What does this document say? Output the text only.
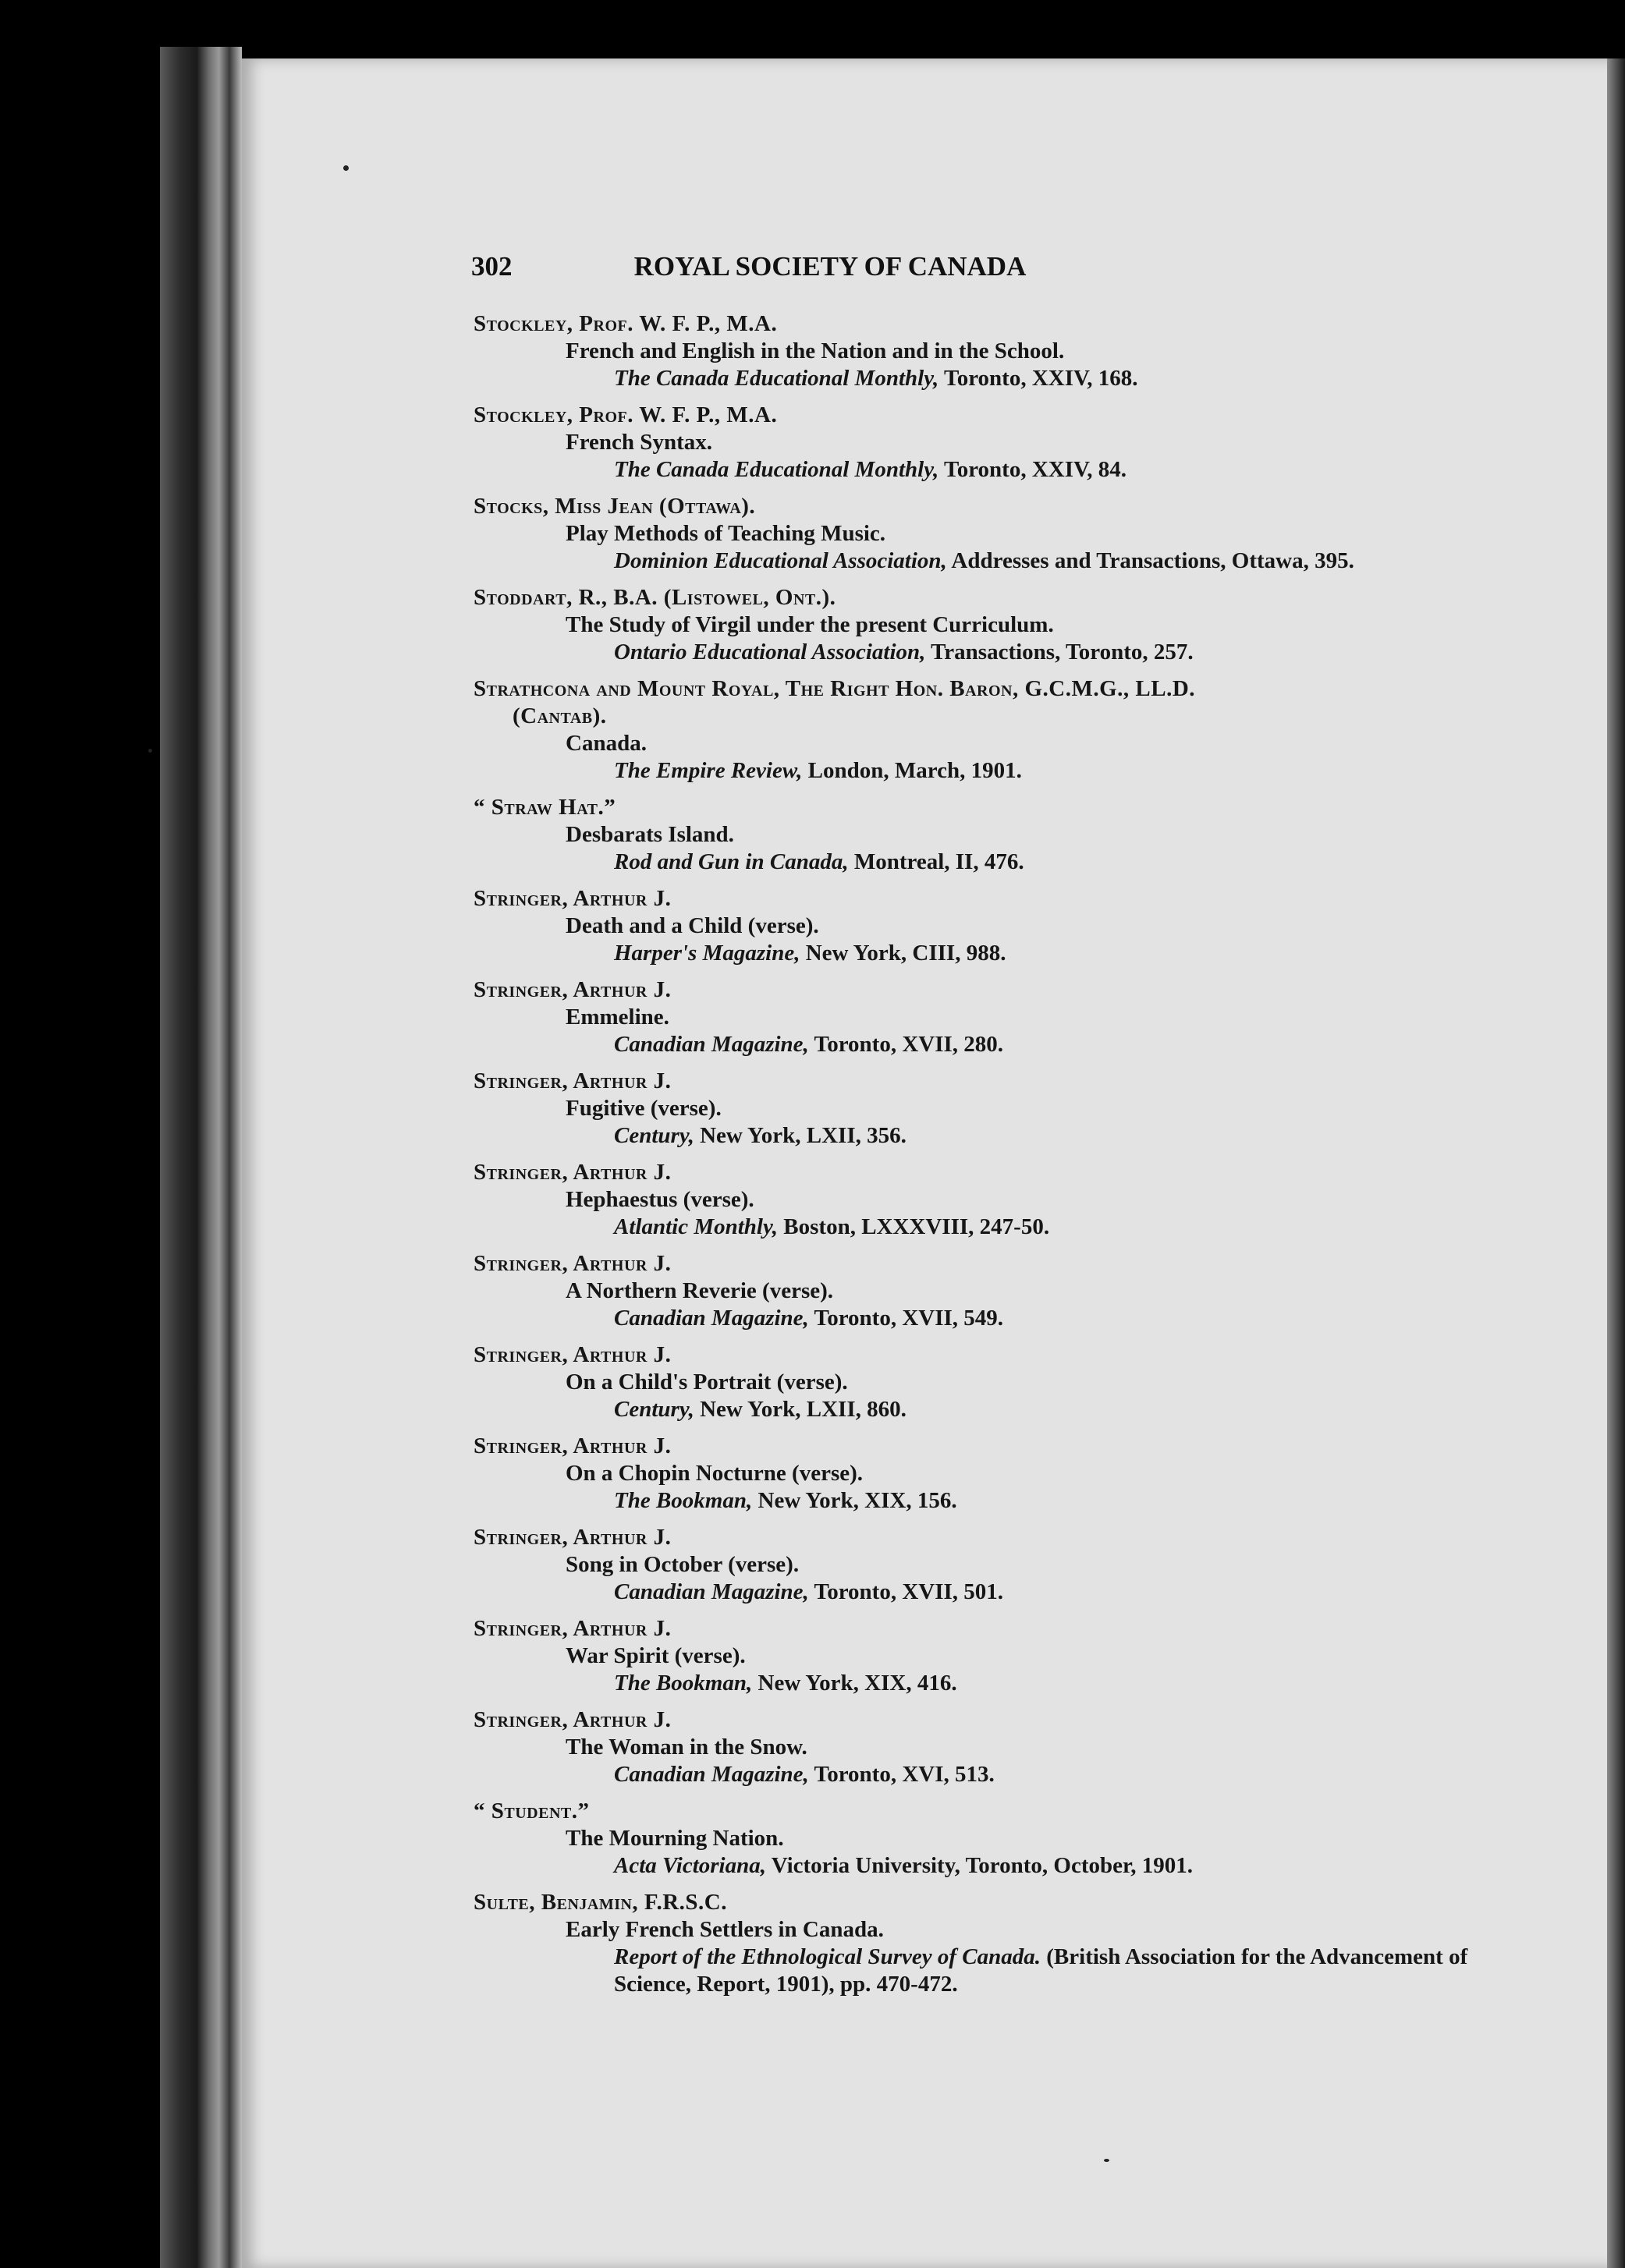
302	ROYAL SOCIETY OF CANADA
Stockley, Prof. W. F. P., M.A.
French and English in the Nation and in the School.
The Canada Educational Monthly, Toronto, XXIV, 168.
Stockley, Prof. W. F. P., M.A.
French Syntax.
The Canada Educational Monthly, Toronto, XXIV, 84.
Stocks, Miss Jean (Ottawa).
Play Methods of Teaching Music.
Dominion Educational Association, Addresses and Transactions, Ottawa, 395.
Stoddart, R., B.A. (Listowel, Ont.).
The Study of Virgil under the present Curriculum.
Ontario Educational Association, Transactions, Toronto, 257.
Strathcona and Mount Royal, The Right Hon. Baron, G.C.M.G., LL.D.
(Cantab).
Canada.
The Empire Review, London, March, 1901.
“ Straw Hat.”
Desbarats Island.
Rod and Gun in Canada, Montreal, II, 476.
Stringer, Arthur J.
Death and a Child (verse).
Harper's Magazine, New York, CIII, 988.
Stringer, Arthur J.
Emmeline.
Canadian Magazine, Toronto, XVII, 280.
Stringer, Arthur J.
Fugitive (verse).
Century, New York, LXII, 356.
Stringer, Arthur J.
Hephaestus (verse).
Atlantic Monthly, Boston, LXXXVIII, 247-50.
Stringer, Arthur J.
A Northern Reverie (verse).
Canadian Magazine, Toronto, XVII, 549.
Stringer, Arthur J.
On a Child's Portrait (verse).
Century, New York, LXII, 860.
Stringer, Arthur J.
On a Chopin Nocturne (verse).
The Bookman, New York, XIX, 156.
Stringer, Arthur J.
Song in October (verse).
Canadian Magazine, Toronto, XVII, 501.
Stringer, Arthur J.
War Spirit (verse).
The Bookman, New York, XIX, 416.
Stringer, Arthur J.
The Woman in the Snow.
Canadian Magazine, Toronto, XVI, 513.
“ Student.”
The Mourning Nation.
Acta Victoriana, Victoria University, Toronto, October, 1901.
Sulte, Benjamin, F.R.S.C.
Early French Settlers in Canada.
Report of the Ethnological Survey of Canada. (British Association for the Advancement of Science, Report, 1901), pp. 470-472.
